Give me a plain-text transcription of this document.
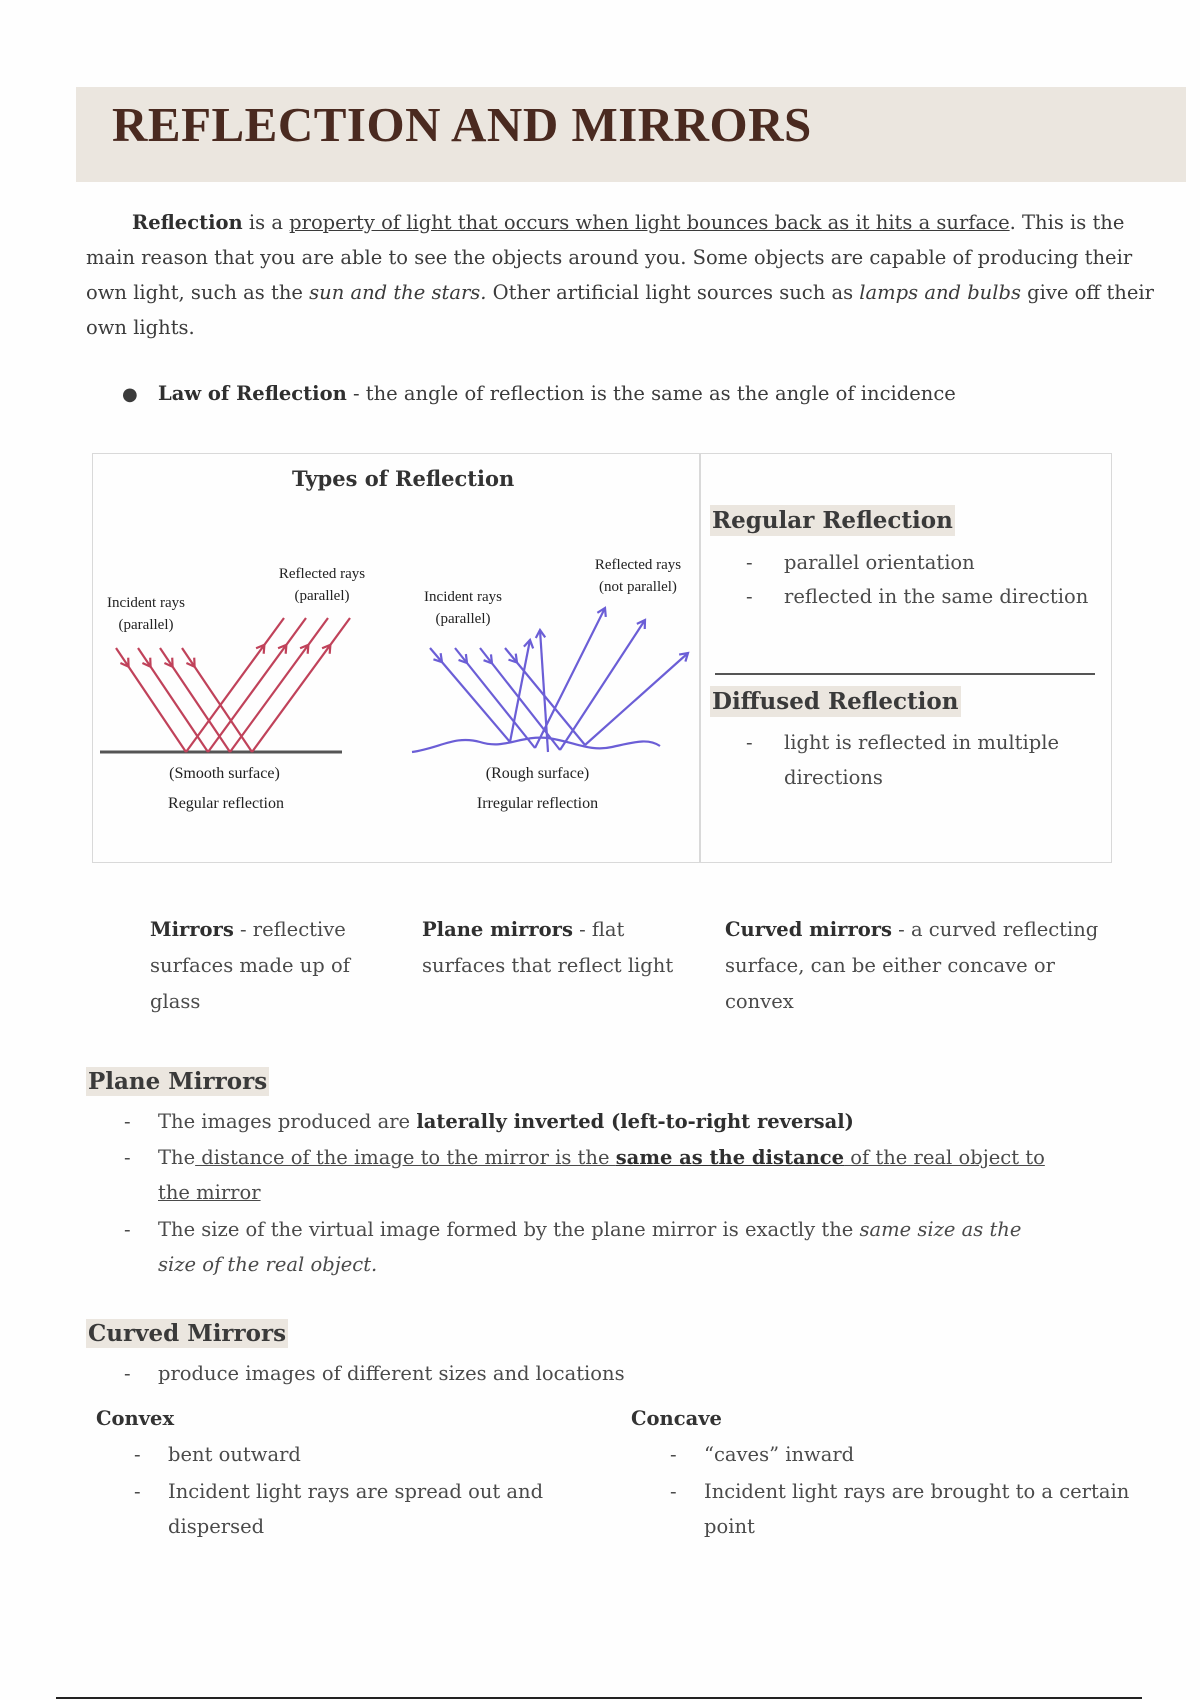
REFLECTION AND MIRRORS

Reflection is a property of light that occurs when light bounces back as it hits a surface. This is the main reason that you are able to see the objects around you. Some objects are capable of producing their own light, such as the sun and the stars. Other artificial light sources such as lamps and bulbs give off their own lights.

● Law of Reflection - the angle of reflection is the same as the angle of incidence

Types of Reflection
Incident rays
(parallel)
Reflected rays
(parallel)	Incident rays
(parallel)
Reflected rays
(not parallel)
(Smooth surface)
Regular reflection
(Rough surface)
Irregular reflection
Regular Reflection
- parallel orientation
- reflected in the same direction
Diffused Reflection
- light is reflected in multiple directions
Mirrors - reflective surfaces made up of glass
Plane mirrors - flat surfaces that reflect light
Curved mirrors - a curved reflecting surface, can be either concave or convex
Plane Mirrors
- The images produced are laterally inverted (left-to-right reversal)
- The distance of the image to the mirror is the same as the distance of the real object to the mirror
- The size of the virtual image formed by the plane mirror is exactly the same size as the size of the real object.
Curved Mirrors
- produce images of different sizes and locations
Convex
- bent outward
- Incident light rays are spread out and dispersed
Concave
- “caves” inward
- Incident light rays are brought to a certain point
